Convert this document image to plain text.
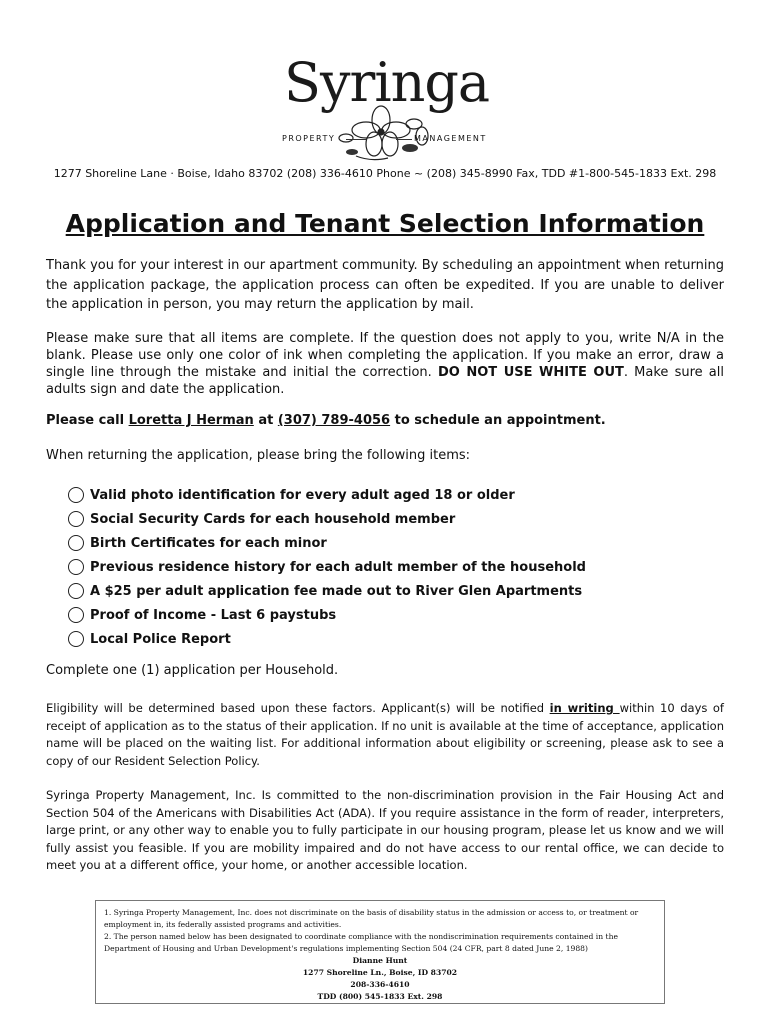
Syringa
PROPERTY	MANAGEMENT
1277 Shoreline Lane · Boise, Idaho 83702 (208) 336-4610 Phone ~ (208) 345-8990 Fax, TDD #1-800-545-1833 Ext. 298
Application and Tenant Selection Information
Thank you for your interest in our apartment community. By scheduling an appointment when returning the application package, the application process can often be expedited. If you are unable to deliver the application in person, you may return the application by mail.
Please make sure that all items are complete. If the question does not apply to you, write N/A in the blank. Please use only one color of ink when completing the application. If you make an error, draw a single line through the mistake and initial the correction. DO NOT USE WHITE OUT. Make sure all adults sign and date the application.
Please call Loretta J Herman at (307) 789-4056 to schedule an appointment.
When returning the application, please bring the following items:
Valid photo identification for every adult aged 18 or older
Social Security Cards for each household member
Birth Certificates for each minor
Previous residence history for each adult member of the household
A $25 per adult application fee made out to River Glen Apartments
Proof of Income - Last 6 paystubs
Local Police Report
Complete one (1) application per Household.
Eligibility will be determined based upon these factors. Applicant(s) will be notified in writing within 10 days of receipt of application as to the status of their application. If no unit is available at the time of acceptance, application name will be placed on the waiting list. For additional information about eligibility or screening, please ask to see a copy of our Resident Selection Policy.
Syringa Property Management, Inc. Is committed to the non-discrimination provision in the Fair Housing Act and Section 504 of the Americans with Disabilities Act (ADA). If you require assistance in the form of reader, interpreters, large print, or any other way to enable you to fully participate in our housing program, please let us know and we will fully assist you feasible. If you are mobility impaired and do not have access to our rental office, we can decide to meet you at a different office, your home, or another accessible location.
1. Syringa Property Management, Inc. does not discriminate on the basis of disability status in the admission or access to, or treatment or employment in, its federally assisted programs and activities.
2. The person named below has been designated to coordinate compliance with the nondiscrimination requirements contained in the Department of Housing and Urban Development's regulations implementing Section 504 (24 CFR, part 8 dated June 2, 1988)
Dianne Hunt
1277 Shoreline Ln., Boise, ID 83702
208-336-4610
TDD (800) 545-1833 Ext. 298
